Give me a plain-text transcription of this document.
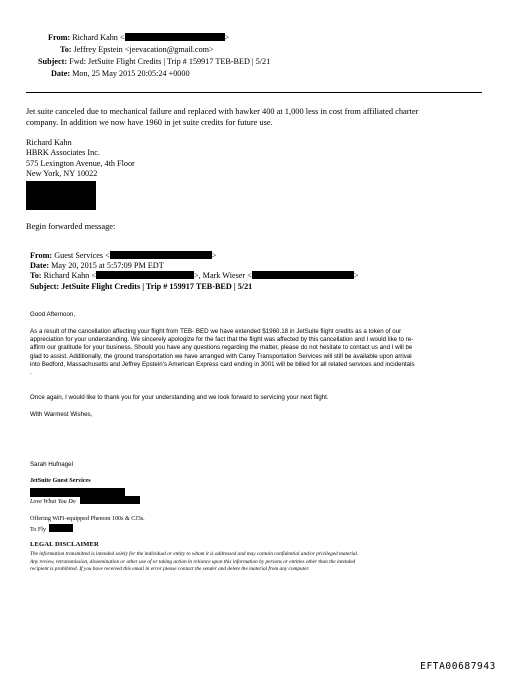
From: Richard Kahn <	>
To: Jeffrey Epstein <jeevacation@gmail.com>
Subject: Fwd: JetSuite Flight Credits | Trip # 159917 TEB-BED | 5/21
Date: Mon, 25 May 2015 20:05:24 +0000
Jet suite canceled due to mechanical failure and replaced with hawker 400 at 1,000 less in cost from affiliated charter
company. In addition we now have 1960 in jet suite credits for future use.
Richard Kahn
HBRK Associates Inc.
575 Lexington Avenue, 4th Floor
New York, NY 10022
Begin forwarded message:
From: Guest Services <	>
Date: May 20, 2015 at 5:57:09 PM EDT
To: Richard Kahn <	>, Mark Wieser <	>
Subject: JetSuite Flight Credits | Trip # 159917 TEB-BED | 5/21
Good Afternoon,
As a result of the cancellation affecting your flight from TEB- BED we have extended $1960.18 in JetSuite flight credits as a token of our
appreciation for your understanding. We sincerely apologize for the fact that the flight was affected by this cancellation and I would like to re-
affirm our gratitude for your business. Should you have any questions regarding the matter, please do not hesitate to contact us and I will be
glad to assist. Additionally, the ground transportation we have arranged with Carey Transportation Services will still be available upon arrival
into Bedford, Massachusetts and Jeffrey Epstein's American Express card ending in 3001 will be billed for all related services and incidentals
.
Once again, I would like to thank you for your understanding and we look forward to servicing your next flight.
With Warmest Wishes,
Sarah Hufnagel
JetSuite Guest Services
Love What You Do
Offering WiFi-equipped Phenom 100s & CJ3s.
To Fly
LEGAL DISCLAIMER
The information transmitted is intended solely for the individual or entity to whom it is addressed and may contain confidential and/or privileged material.
Any review, retransmission, dissemination or other use of or taking action in reliance upon this information by persons or entities other than the intended
recipient is prohibited. If you have received this email in error please contact the sender and delete the material from any computer.
EFTA00687943
